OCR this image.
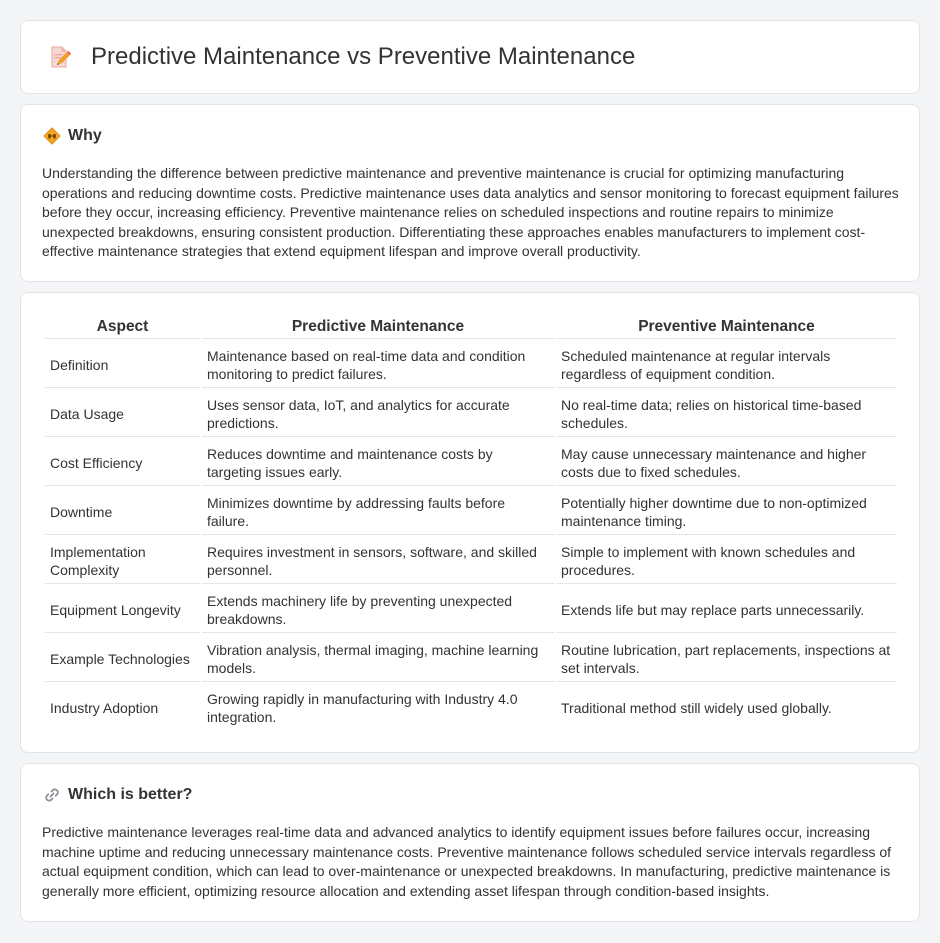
Predictive Maintenance vs Preventive Maintenance
Why

Understanding the difference between predictive maintenance and preventive maintenance is crucial for optimizing manufacturing operations and reducing downtime costs. Predictive maintenance uses data analytics and sensor monitoring to forecast equipment failures before they occur, increasing efficiency. Preventive maintenance relies on scheduled inspections and routine repairs to minimize unexpected breakdowns, ensuring consistent production. Differentiating these approaches enables manufacturers to implement cost-effective maintenance strategies that extend equipment lifespan and improve overall productivity.

Aspect	Predictive Maintenance	Preventive Maintenance
Definition	Maintenance based on real-time data and condition monitoring to predict failures.	Scheduled maintenance at regular intervals regardless of equipment condition.
Data Usage	Uses sensor data, IoT, and analytics for accurate predictions.	No real-time data; relies on historical time-based schedules.
Cost Efficiency	Reduces downtime and maintenance costs by targeting issues early.	May cause unnecessary maintenance and higher costs due to fixed schedules.
Downtime	Minimizes downtime by addressing faults before failure.	Potentially higher downtime due to non-optimized maintenance timing.
Implementation Complexity	Requires investment in sensors, software, and skilled personnel.	Simple to implement with known schedules and procedures.
Equipment Longevity	Extends machinery life by preventing unexpected breakdowns.	Extends life but may replace parts unnecessarily.
Example Technologies	Vibration analysis, thermal imaging, machine learning models.	Routine lubrication, part replacements, inspections at set intervals.
Industry Adoption	Growing rapidly in manufacturing with Industry 4.0 integration.	Traditional method still widely used globally.
Which is better?

Predictive maintenance leverages real-time data and advanced analytics to identify equipment issues before failures occur, increasing machine uptime and reducing unnecessary maintenance costs. Preventive maintenance follows scheduled service intervals regardless of actual equipment condition, which can lead to over-maintenance or unexpected breakdowns. In manufacturing, predictive maintenance is generally more efficient, optimizing resource allocation and extending asset lifespan through condition-based insights.
